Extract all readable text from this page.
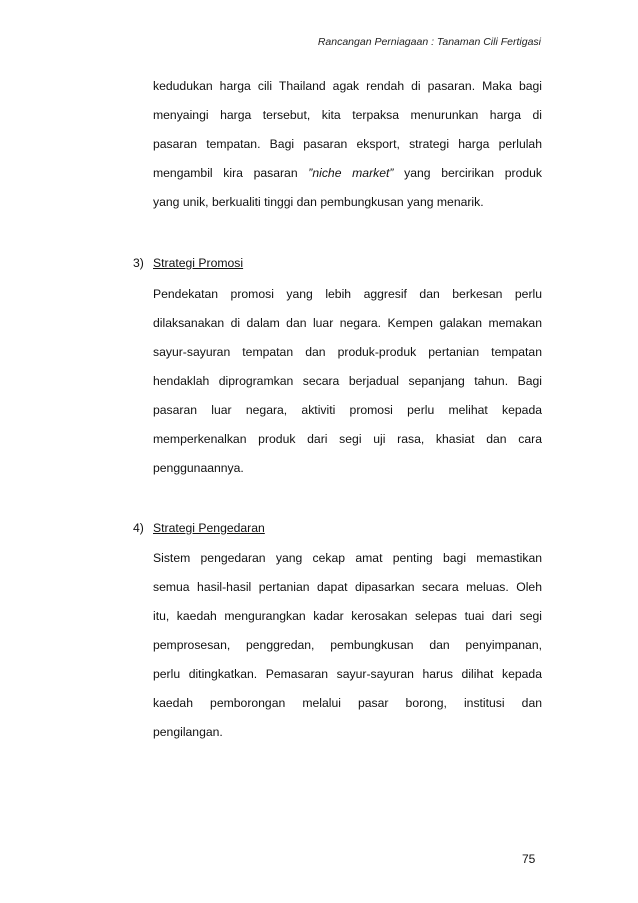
Rancangan Perniagaan : Tanaman Cili Fertigasi
kedudukan harga cili Thailand agak rendah di pasaran. Maka bagi
menyaingi harga tersebut, kita terpaksa menurunkan harga di
pasaran tempatan. Bagi pasaran eksport, strategi harga perlulah
mengambil kira pasaran ”niche market” yang bercirikan produk
yang unik, berkualiti tinggi dan pembungkusan yang menarik.
3) Strategi Promosi
Pendekatan promosi yang lebih aggresif dan berkesan perlu
dilaksanakan di dalam dan luar negara. Kempen galakan memakan
sayur-sayuran tempatan dan produk-produk pertanian tempatan
hendaklah diprogramkan secara berjadual sepanjang tahun. Bagi
pasaran luar negara, aktiviti promosi perlu melihat kepada
memperkenalkan produk dari segi uji rasa, khasiat dan cara
penggunaannya.
4) Strategi Pengedaran
Sistem pengedaran yang cekap amat penting bagi memastikan
semua hasil-hasil pertanian dapat dipasarkan secara meluas. Oleh
itu, kaedah mengurangkan kadar kerosakan selepas tuai dari segi
pemprosesan, penggredan, pembungkusan dan penyimpanan,
perlu ditingkatkan. Pemasaran sayur-sayuran harus dilihat kepada
kaedah pemborongan melalui pasar borong, institusi dan
pengilangan.
75
